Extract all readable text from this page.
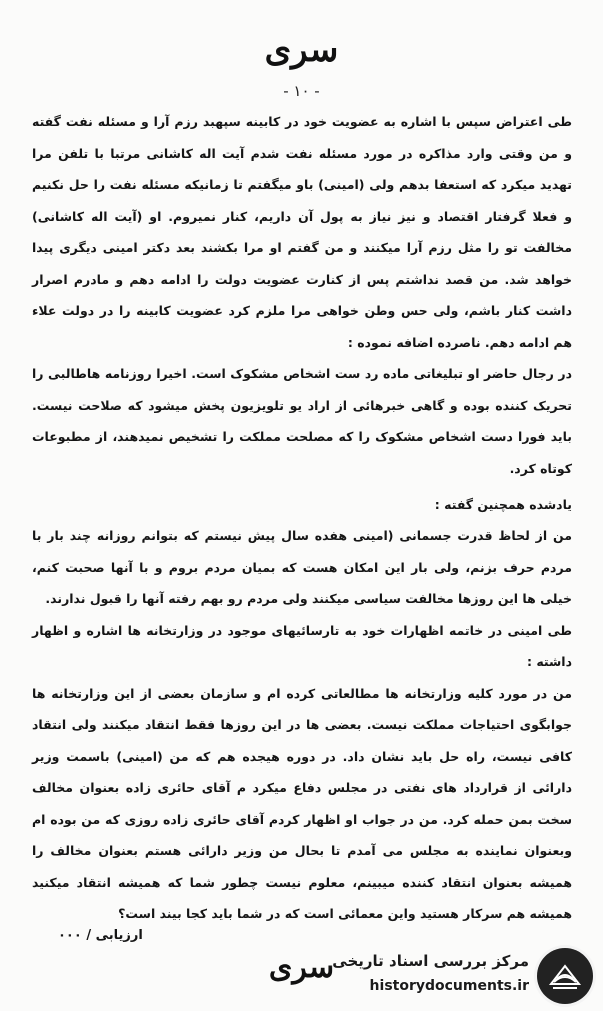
سرى
- ۱۰ -

طی اعتراض سپس با اشاره به عضویت خود در کابینه سپهبد رزم آرا و مسئله نفت گفته و من وقتی وارد مذاکره در مورد مسئله نفت شدم آیت اله کاشانی مرتبا با تلفن مرا تهدید میکرد که استعفا بدهم ولی (امینی) باو میگفتم تا زمانیکه مسئله نفت را حل نکنیم و فعلا گرفتار اقتصاد و نیز نیاز به پول آن داریم، کنار نمیروم. او (آیت اله کاشانی) مخالفت تو را مثل رزم آرا میکنند و من گفتم او مرا بکشند بعد دکتر امینی دیگری پیدا خواهد شد. من قصد نداشتم پس از کنارت عضویت دولت را ادامه دهم و مادرم اصرار داشت کنار باشم، ولی حس وطن خواهی مرا ملزم کرد عضویت کابینه را در دولت علاء هم ادامه دهم. ناصرده اضافه نموده :

در رجال حاضر او تبلیغاتی ماده رد ست اشخاص مشکوک است. اخیرا روزنامه هاطالبی را تحریک کننده بوده و گاهی خبرهائی از اراد یو تلویزیون پخش میشود که صلاحت نیست. باید فورا دست اشخاص مشکوک را که مصلحت مملکت را تشخیص نمیدهند، از مطبوعات کوتاه کرد.

یادشده همچنین گفته :

من از لحاظ قدرت جسمانی (امینی هفده سال پیش نیستم که بتوانم روزانه چند بار با مردم حرف بزنم، ولی بار این امکان هست که بمیان مردم بروم و با آنها صحبت کنم، خیلی ها این روزها مخالفت سیاسی میکنند ولی مردم رو بهم رفته آنها را قبول ندارند.

طی امینی در خاتمه اظهارات خود به تارسائیهای موجود در وزارتخانه ها اشاره و اظهار داشته :

من در مورد کلیه وزارتخانه ها مطالعاتی کرده ام و سازمان بعضی از این وزارتخانه ها جوابگوی احتیاجات مملکت نیست. بعضی ها در این روزها فقط انتقاد میکنند ولی انتقاد کافی نیست، راه حل باید نشان داد. در دوره هیجده هم که من (امینی) باسمت وزیر دارائی از قرارداد های نفتی در مجلس دفاع میکرد م آقای حائری زاده بعنوان مخالف سخت بمن حمله کرد. من در جواب او اظهار کردم آقای حائری زاده روزی که من بوده ام وبعنوان نماینده به مجلس می آمدم تا بحال من وزیر دارائی هستم بعنوان مخالف را همیشه بعنوان انتقاد کننده میبینم، معلوم نیست چطور شما که همیشه انتقاد میکنید همیشه هم سرکار هستید واین معمائی است که در شما باید کجا بیند است؟

ارزیابی / ۰۰۰
سرى
مرکز بررسی اسناد تاریخی
historydocuments.ir
